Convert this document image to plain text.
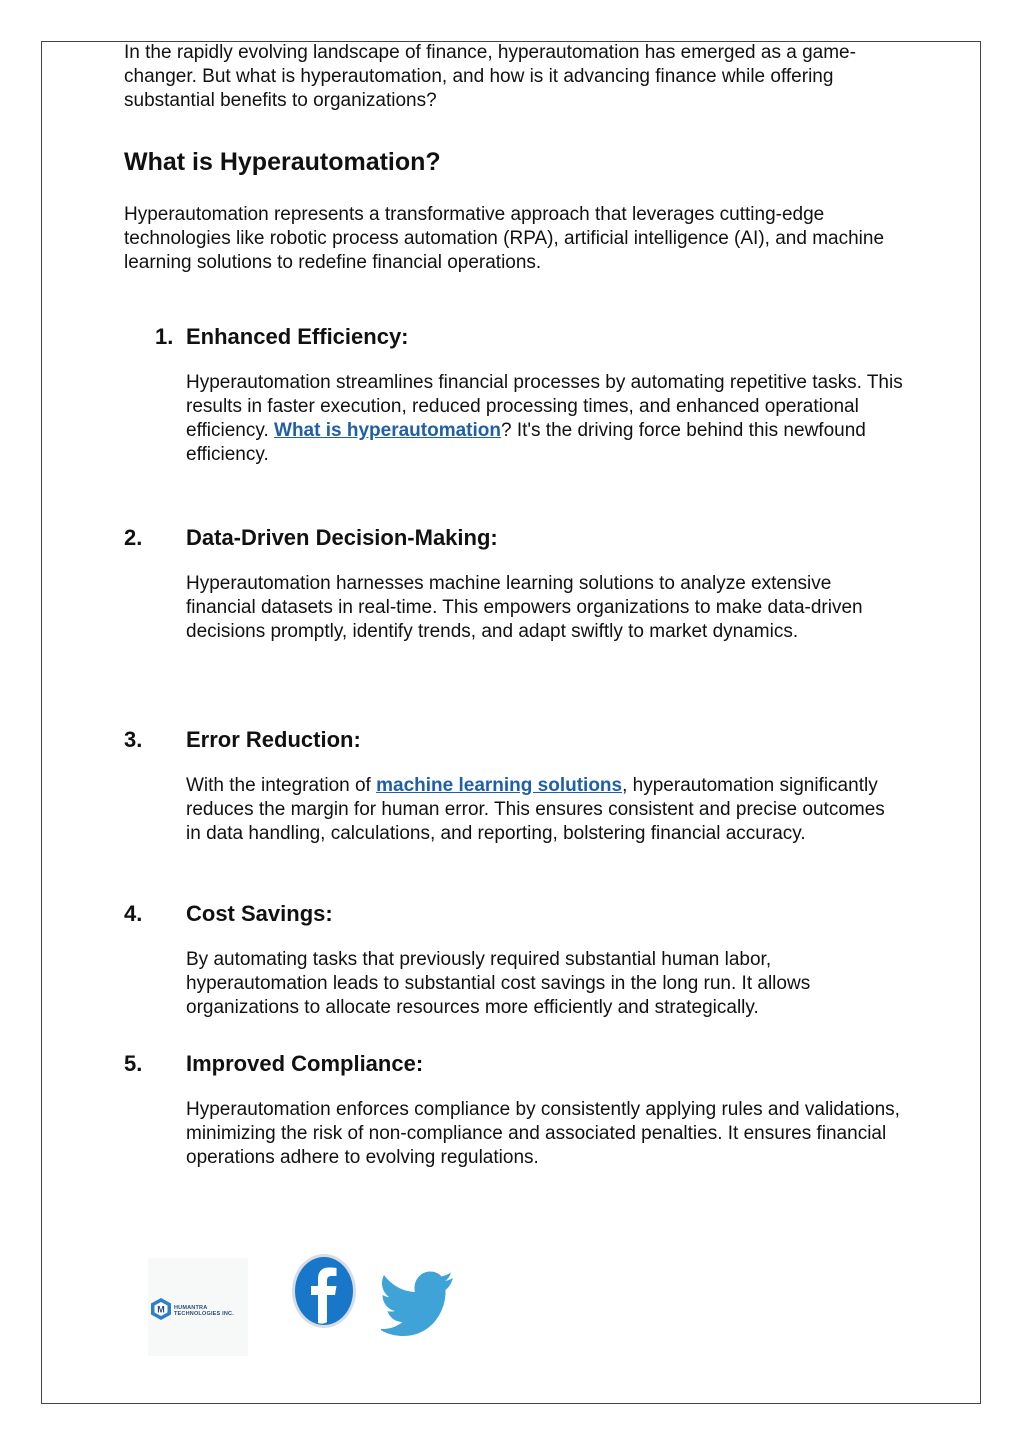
In the rapidly evolving landscape of finance, hyperautomation has emerged as a game-changer. But what is hyperautomation, and how is it advancing finance while offering substantial benefits to organizations?

What is Hyperautomation?

Hyperautomation represents a transformative approach that leverages cutting-edge technologies like robotic process automation (RPA), artificial intelligence (AI), and machine learning solutions to redefine financial operations.

1. Enhanced Efficiency:

Hyperautomation streamlines financial processes by automating repetitive tasks. This results in faster execution, reduced processing times, and enhanced operational efficiency. What is hyperautomation? It's the driving force behind this newfound efficiency.

2. Data-Driven Decision-Making:

Hyperautomation harnesses machine learning solutions to analyze extensive financial datasets in real-time. This empowers organizations to make data-driven decisions promptly, identify trends, and adapt swiftly to market dynamics.

3. Error Reduction:

With the integration of machine learning solutions, hyperautomation significantly reduces the margin for human error. This ensures consistent and precise outcomes in data handling, calculations, and reporting, bolstering financial accuracy.

4. Cost Savings:

By automating tasks that previously required substantial human labor, hyperautomation leads to substantial cost savings in the long run. It allows organizations to allocate resources more efficiently and strategically.

5. Improved Compliance:

Hyperautomation enforces compliance by consistently applying rules and validations, minimizing the risk of non-compliance and associated penalties. It ensures financial operations adhere to evolving regulations.

M HUMANTRA
TECHNOLOGIES INC.
